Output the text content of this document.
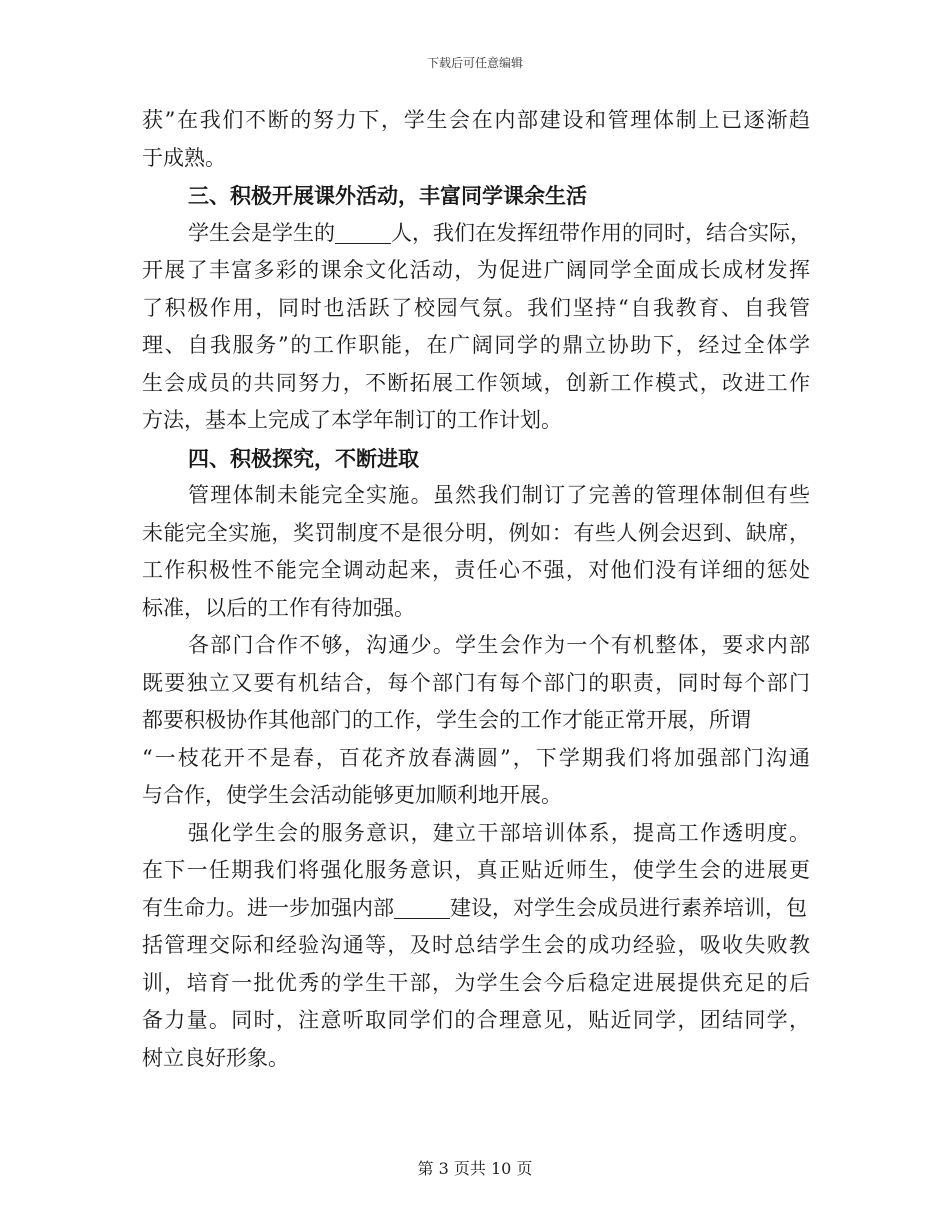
下载后可任意编辑
获”在我们不断的努力下，学生会在内部建设和管理体制上已逐渐趋
于成熟。
三、积极开展课外活动，丰富同学课余生活
学生会是学生的	人，我们在发挥纽带作用的同时，结合实际，
开展了丰富多彩的课余文化活动，为促进广阔同学全面成长成材发挥
了积极作用，同时也活跃了校园气氛。我们坚持“自我教育、自我管
理、自我服务”的工作职能，在广阔同学的鼎立协助下，经过全体学
生会成员的共同努力，不断拓展工作领域，创新工作模式，改进工作
方法，基本上完成了本学年制订的工作计划。
四、积极探究，不断进取
管理体制未能完全实施。虽然我们制订了完善的管理体制但有些
未能完全实施，奖罚制度不是很分明，例如：有些人例会迟到、缺席，
工作积极性不能完全调动起来，责任心不强，对他们没有详细的惩处
标准，以后的工作有待加强。
各部门合作不够，沟通少。学生会作为一个有机整体，要求内部
既要独立又要有机结合，每个部门有每个部门的职责，同时每个部门
都要积极协作其他部门的工作，学生会的工作才能正常开展，所谓
“一枝花开不是春，百花齐放春满圆”，下学期我们将加强部门沟通
与合作，使学生会活动能够更加顺利地开展。
强化学生会的服务意识，建立干部培训体系，提高工作透明度。
在下一任期我们将强化服务意识，真正贴近师生，使学生会的进展更
有生命力。进一步加强内部	建设，对学生会成员进行素养培训，包
括管理交际和经验沟通等，及时总结学生会的成功经验，吸收失败教
训，培育一批优秀的学生干部，为学生会今后稳定进展提供充足的后
备力量。同时，注意听取同学们的合理意见，贴近同学，团结同学，
树立良好形象。
第 3 页共 10 页
